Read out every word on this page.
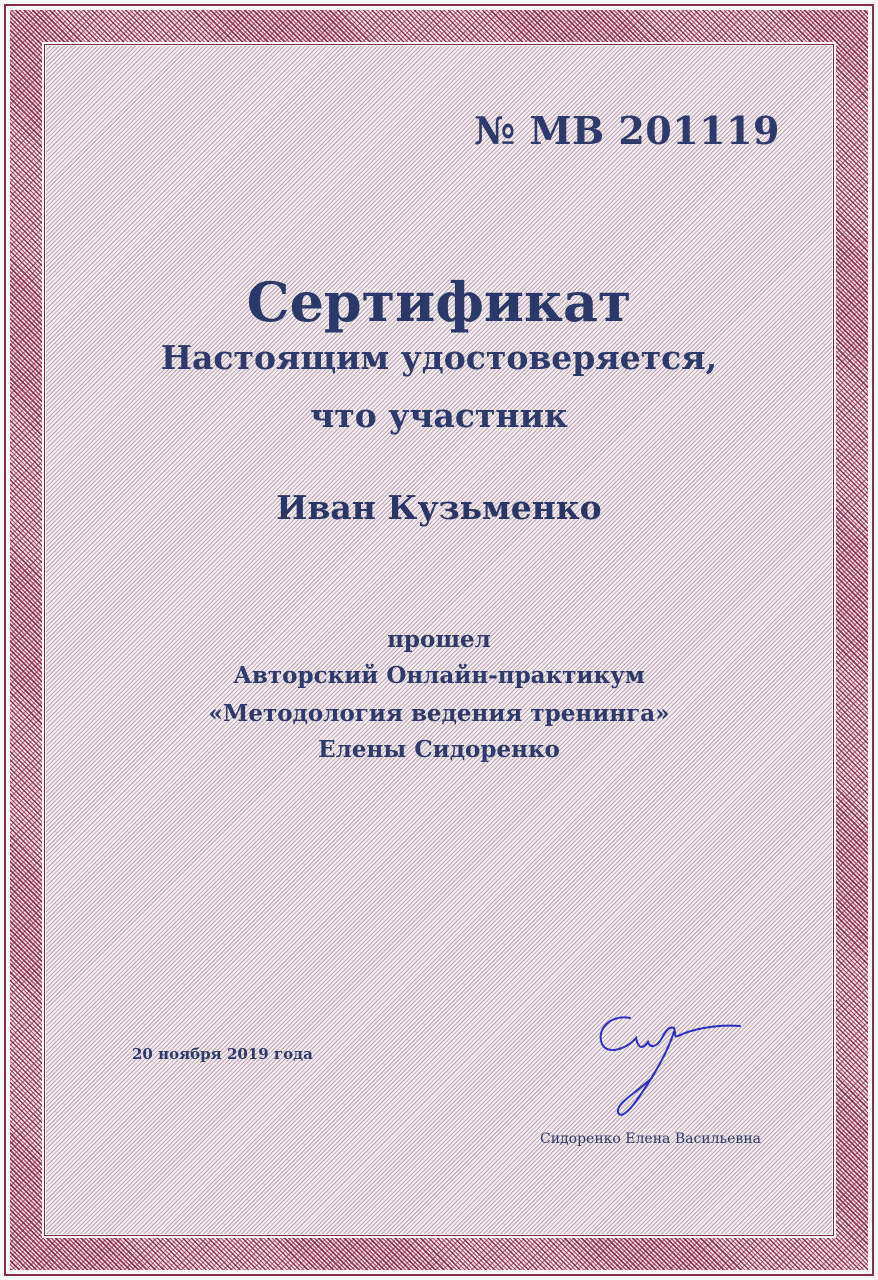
№ МВ 201119
Сертификат
Настоящим удостоверяется,
что участник
Иван Кузьменко
прошел
Авторский Онлайн-практикум
«Методология ведения тренинга»
Елены Сидоренко
20 ноября 2019 года
Сидоренко Елена Васильевна
